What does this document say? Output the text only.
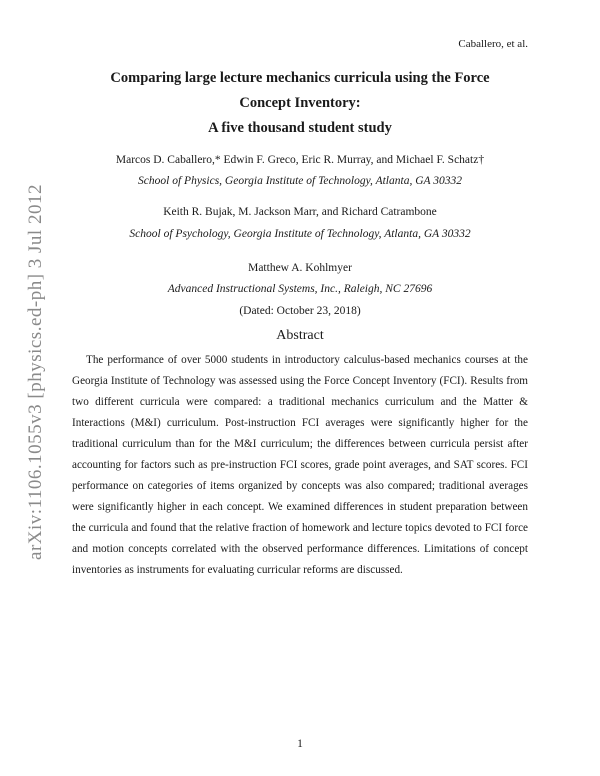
Caballero, et al.
arXiv:1106.1055v3 [physics.ed-ph] 3 Jul 2012
Comparing large lecture mechanics curricula using the Force
Concept Inventory:
A five thousand student study
Marcos D. Caballero,* Edwin F. Greco, Eric R. Murray, and Michael F. Schatz†
School of Physics, Georgia Institute of Technology, Atlanta, GA 30332
Keith R. Bujak, M. Jackson Marr, and Richard Catrambone
School of Psychology, Georgia Institute of Technology, Atlanta, GA 30332
Matthew A. Kohlmyer
Advanced Instructional Systems, Inc., Raleigh, NC 27696
(Dated: October 23, 2018)
Abstract
The performance of over 5000 students in introductory calculus-based mechanics courses at the Georgia Institute of Technology was assessed using the Force Concept Inventory (FCI). Results from two different curricula were compared: a traditional mechanics curriculum and the Matter & Interactions (M&I) curriculum. Post-instruction FCI averages were significantly higher for the traditional curriculum than for the M&I curriculum; the differences between curricula persist after accounting for factors such as pre-instruction FCI scores, grade point averages, and SAT scores. FCI performance on categories of items organized by concepts was also compared; traditional averages were significantly higher in each concept. We examined differences in student preparation between the curricula and found that the relative fraction of homework and lecture topics devoted to FCI force and motion concepts correlated with the observed performance differences. Limitations of concept inventories as instruments for evaluating curricular reforms are discussed.
1
